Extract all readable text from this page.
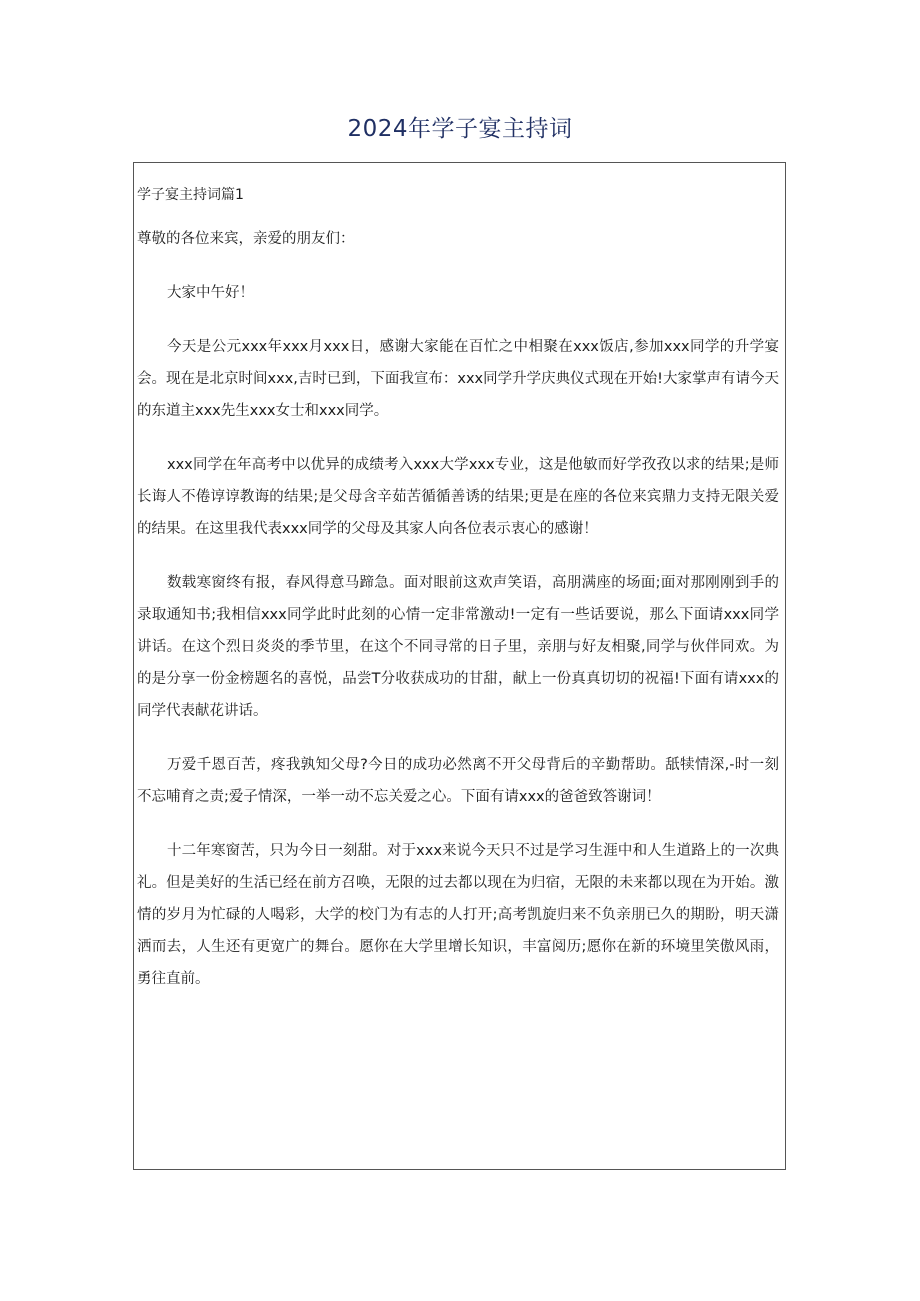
2024年学子宴主持词
学子宴主持词篇1

尊敬的各位来宾，亲爱的朋友们：

大家中午好！

今天是公元xxx年xxx月xxx日，感谢大家能在百忙之中相聚在xxx饭店,参加xxx同学的升学宴会。现在是北京时间xxx,吉时已到，下面我宣布：xxx同学升学庆典仪式现在开始!大家掌声有请今天的东道主xxx先生xxx女士和xxx同学。

xxx同学在年高考中以优异的成绩考入xxx大学xxx专业，这是他敏而好学孜孜以求的结果;是师长诲人不倦谆谆教诲的结果;是父母含辛茹苦循循善诱的结果;更是在座的各位来宾鼎力支持无限关爱的结果。在这里我代表xxx同学的父母及其家人向各位表示衷心的感谢！

数载寒窗终有报，春风得意马蹄急。面对眼前这欢声笑语，高朋满座的场面;面对那刚刚到手的录取通知书;我相信xxx同学此时此刻的心情一定非常激动!一定有一些话要说，那么下面请xxx同学讲话。在这个烈日炎炎的季节里，在这个不同寻常的日子里，亲朋与好友相聚,同学与伙伴同欢。为的是分享一份金榜题名的喜悦，品尝T分收获成功的甘甜，献上一份真真切切的祝福!下面有请xxx的同学代表献花讲话。

万爱千恩百苦，疼我孰知父母?今日的成功必然离不开父母背后的辛勤帮助。舐犊情深,-时一刻不忘哺育之责;爱子情深，一举一动不忘关爱之心。下面有请xxx的爸爸致答谢词！

十二年寒窗苦，只为今日一刻甜。对于xxx来说今天只不过是学习生涯中和人生道路上的一次典礼。但是美好的生活已经在前方召唤，无限的过去都以现在为归宿，无限的未来都以现在为开始。激情的岁月为忙碌的人喝彩，大学的校门为有志的人打开;高考凯旋归来不负亲朋已久的期盼，明天潇洒而去，人生还有更宽广的舞台。愿你在大学里增长知识，丰富阅历;愿你在新的环境里笑傲风雨，勇往直前。
